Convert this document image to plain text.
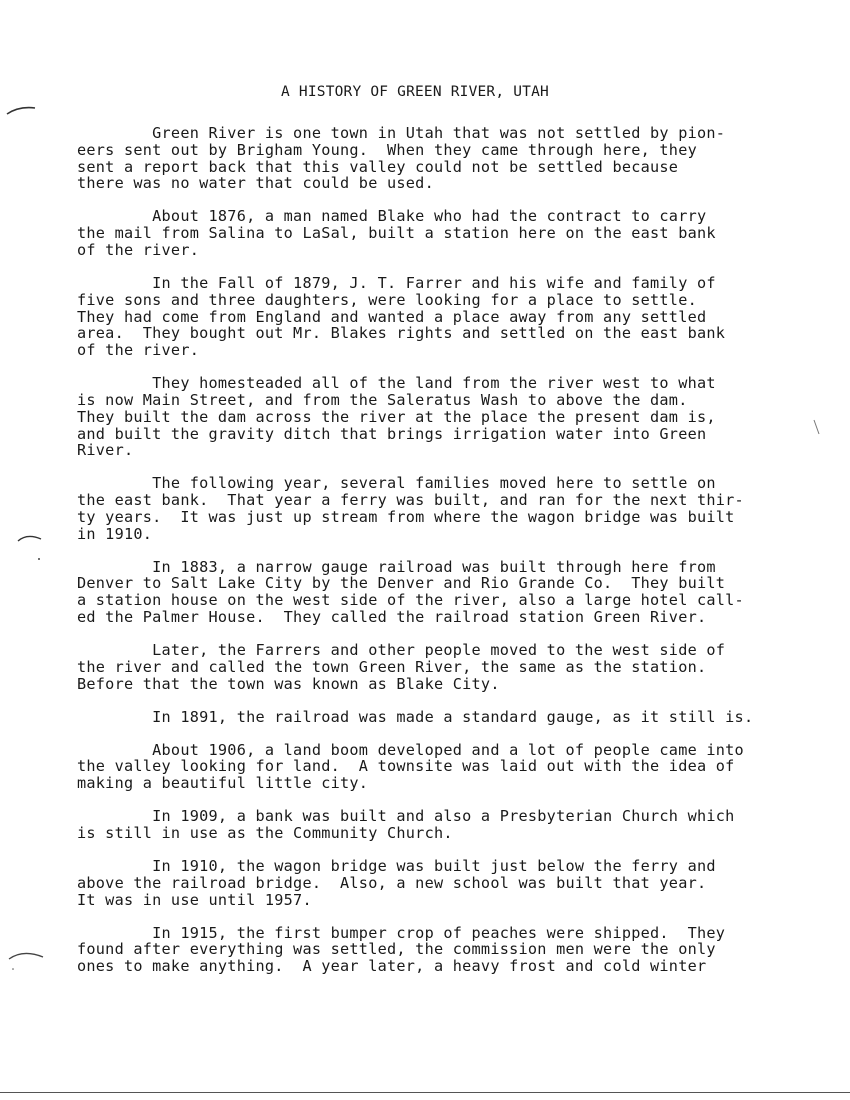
A HISTORY OF GREEN RIVER, UTAH

Green River is one town in Utah that was not settled by pion-
eers sent out by Brigham Young.  When they came through here, they
sent a report back that this valley could not be settled because
there was no water that could be used.

About 1876, a man named Blake who had the contract to carry
the mail from Salina to LaSal, built a station here on the east bank
of the river.

In the Fall of 1879, J. T. Farrer and his wife and family of
five sons and three daughters, were looking for a place to settle.
They had come from England and wanted a place away from any settled
area.  They bought out Mr. Blakes rights and settled on the east bank
of the river.

They homesteaded all of the land from the river west to what
is now Main Street, and from the Saleratus Wash to above the dam.
They built the dam across the river at the place the present dam is,
and built the gravity ditch that brings irrigation water into Green
River.

The following year, several families moved here to settle on
the east bank.  That year a ferry was built, and ran for the next thir-
ty years.  It was just up stream from where the wagon bridge was built
in 1910.

In 1883, a narrow gauge railroad was built through here from
Denver to Salt Lake City by the Denver and Rio Grande Co.  They built
a station house on the west side of the river, also a large hotel call-
ed the Palmer House.  They called the railroad station Green River.

Later, the Farrers and other people moved to the west side of
the river and called the town Green River, the same as the station.
Before that the town was known as Blake City.

In 1891, the railroad was made a standard gauge, as it still is.

About 1906, a land boom developed and a lot of people came into
the valley looking for land.  A townsite was laid out with the idea of
making a beautiful little city.

In 1909, a bank was built and also a Presbyterian Church which
is still in use as the Community Church.

In 1910, the wagon bridge was built just below the ferry and
above the railroad bridge.  Also, a new school was built that year.
It was in use until 1957.

In 1915, the first bumper crop of peaches were shipped.  They
found after everything was settled, the commission men were the only
ones to make anything.  A year later, a heavy frost and cold winter
